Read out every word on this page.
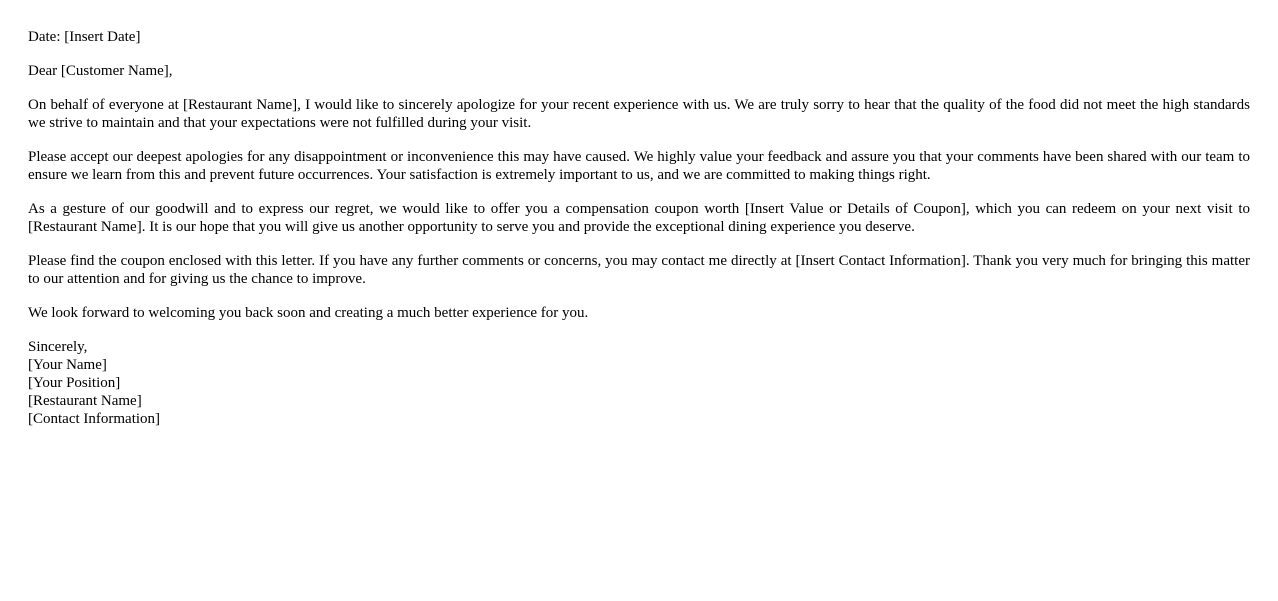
Date: [Insert Date]

Dear [Customer Name],

On behalf of everyone at [Restaurant Name], I would like to sincerely apologize for your recent experience with us. We are truly sorry to hear that the quality of the food did not meet the high standards we strive to maintain and that your expectations were not fulfilled during your visit.

Please accept our deepest apologies for any disappointment or inconvenience this may have caused. We highly value your feedback and assure you that your comments have been shared with our team to ensure we learn from this and prevent future occurrences. Your satisfaction is extremely important to us, and we are committed to making things right.

As a gesture of our goodwill and to express our regret, we would like to offer you a compensation coupon worth [Insert Value or Details of Coupon], which you can redeem on your next visit to [Restaurant Name]. It is our hope that you will give us another opportunity to serve you and provide the exceptional dining experience you deserve.

Please find the coupon enclosed with this letter. If you have any further comments or concerns, you may contact me directly at [Insert Contact Information]. Thank you very much for bringing this matter to our attention and for giving us the chance to improve.

We look forward to welcoming you back soon and creating a much better experience for you.

Sincerely,
[Your Name]
[Your Position]
[Restaurant Name]
[Contact Information]
